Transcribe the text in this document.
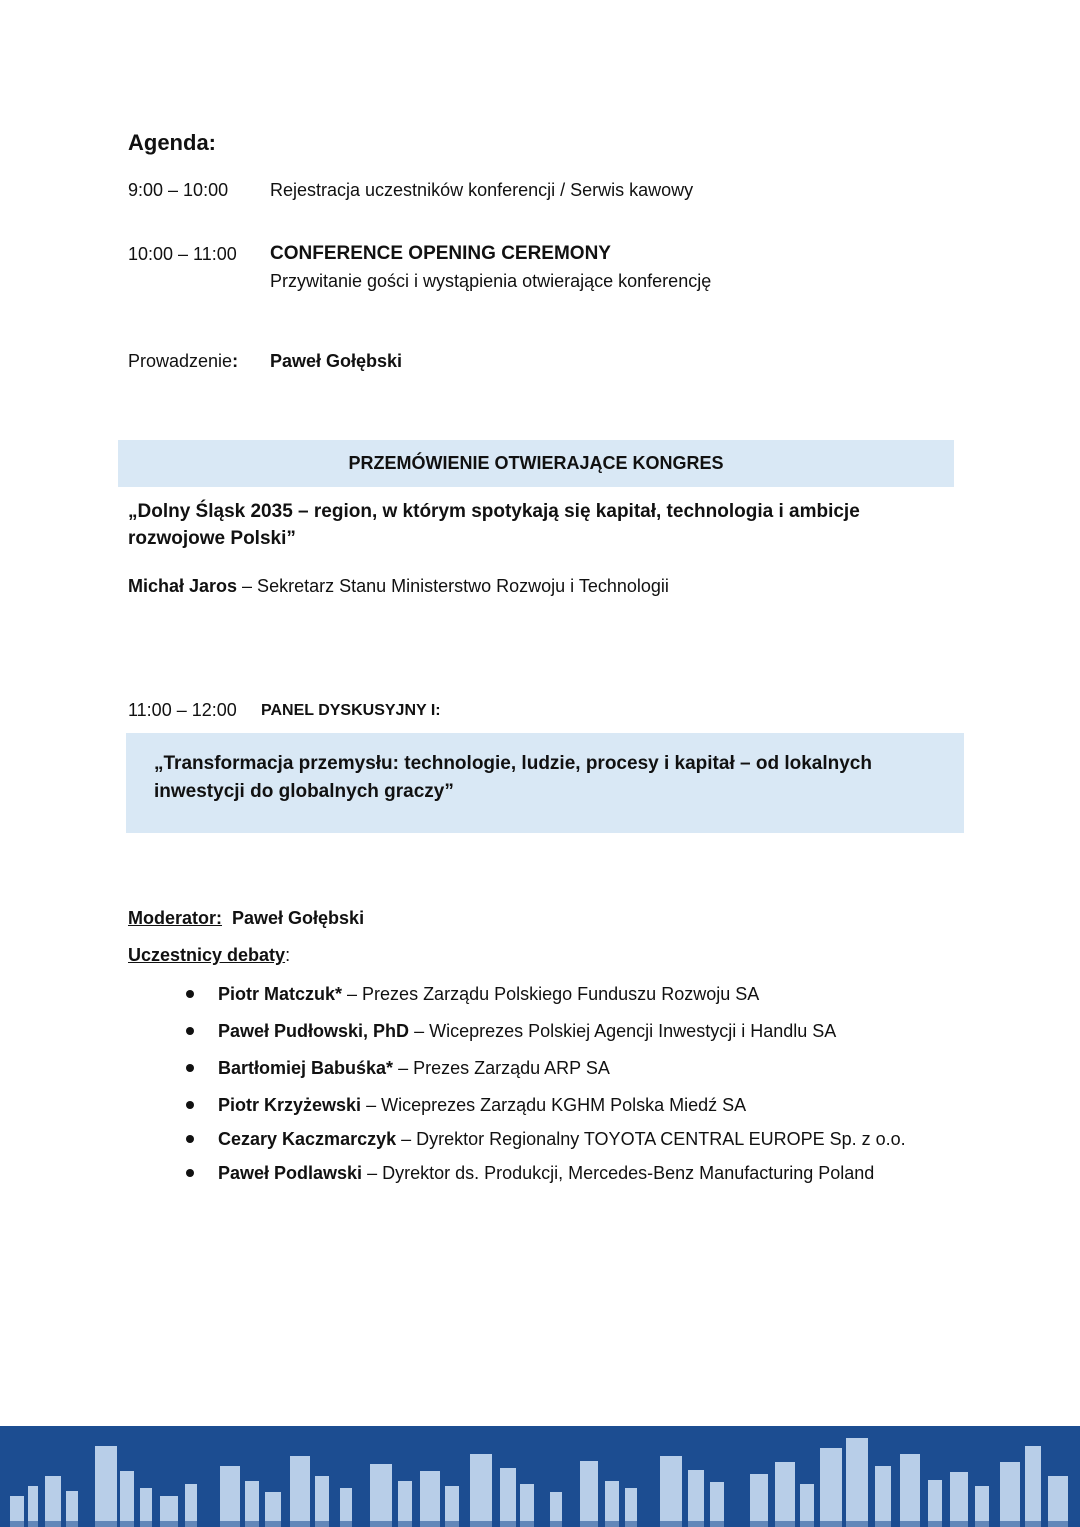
Agenda:
9:00 – 10:00 Rejestracja uczestników konferencji / Serwis kawowy
10:00 – 11:00 CONFERENCE OPENING CEREMONY
Przywitanie gości i wystąpienia otwierające konferencję
Prowadzenie: Paweł Gołębski
PRZEMÓWIENIE OTWIERAJĄCE KONGRES
„Dolny Śląsk 2035 – region, w którym spotykają się kapitał, technologia i ambicje rozwojowe Polski”
Michał Jaros – Sekretarz Stanu Ministerstwo Rozwoju i Technologii
11:00 – 12:00 PANEL DYSKUSYJNY I:
„Transformacja przemysłu: technologie, ludzie, procesy i kapitał – od lokalnych inwestycji do globalnych graczy”
Moderator: Paweł Gołębski
Uczestnicy debaty:
Piotr Matczuk* – Prezes Zarządu Polskiego Funduszu Rozwoju SA
Paweł Pudłowski, PhD – Wiceprezes Polskiej Agencji Inwestycji i Handlu SA
Bartłomiej Babuśka* – Prezes Zarządu ARP SA
Piotr Krzyżewski – Wiceprezes Zarządu KGHM Polska Miedź SA
Cezary Kaczmarczyk – Dyrektor Regionalny TOYOTA CENTRAL EUROPE Sp. z o.o.
Paweł Podlawski – Dyrektor ds. Produkcji, Mercedes-Benz Manufacturing Poland
